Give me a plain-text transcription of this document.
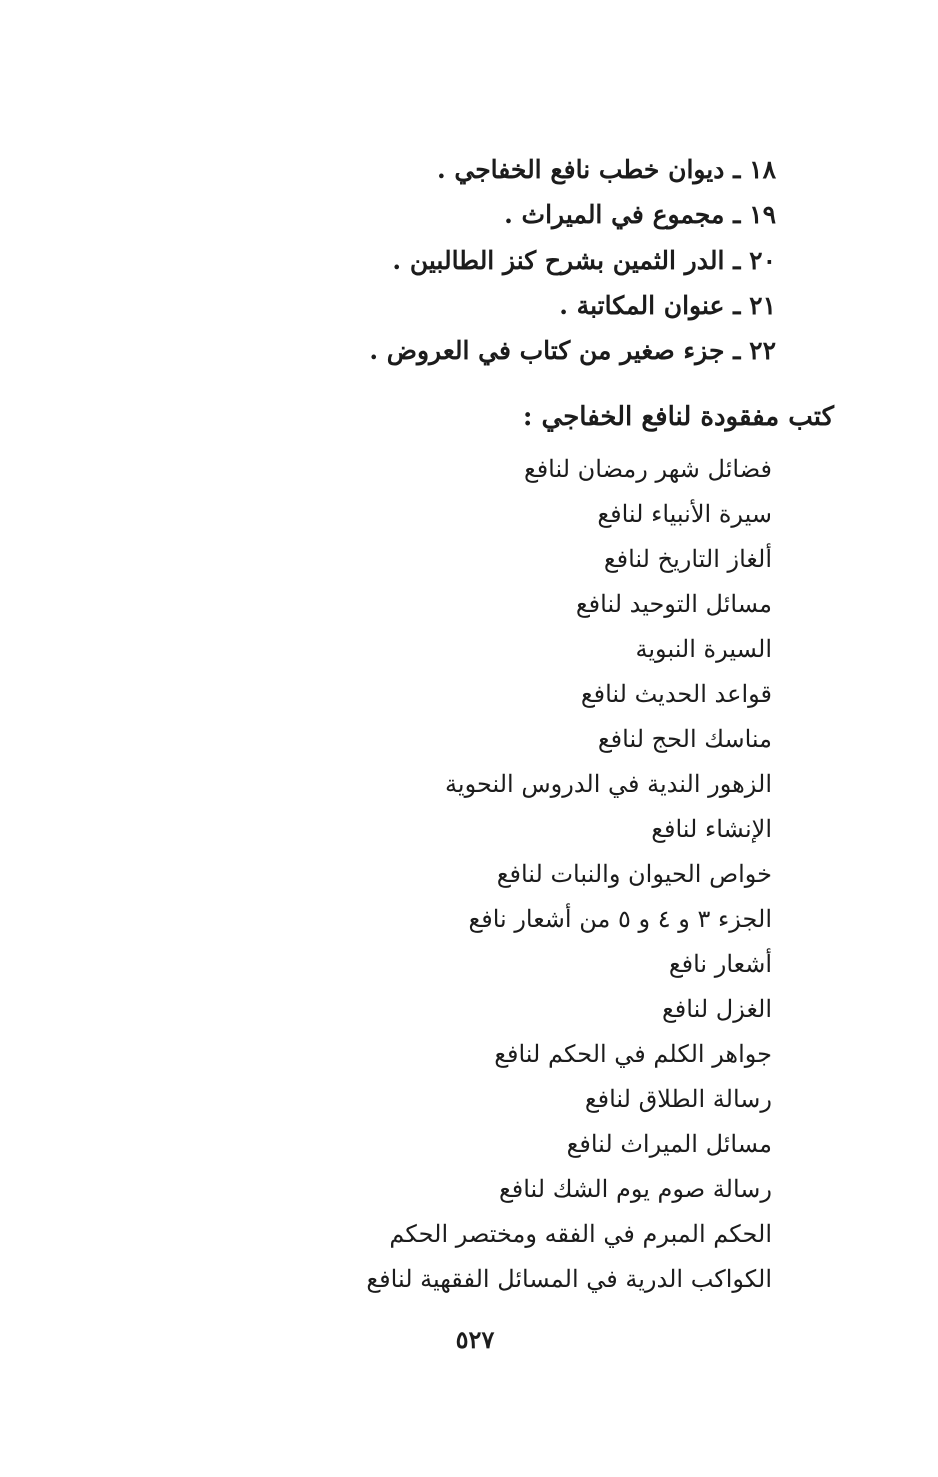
١٨ ـ ديوان خطب نافع الخفاجي .
١٩ ـ مجموع في الميراث .
٢٠ ـ الدر الثمين بشرح كنز الطالبين .
٢١ ـ عنوان المكاتبة .
٢٢ ـ جزء صغير من كتاب في العروض .
كتب مفقودة لنافع الخفاجي :
فضائل شهر رمضان لنافع
سيرة الأنبياء لنافع
ألغاز التاريخ لنافع
مسائل التوحيد لنافع
السيرة النبوية
قواعد الحديث لنافع
مناسك الحج لنافع
الزهور الندية في الدروس النحوية
الإنشاء لنافع
خواص الحيوان والنبات لنافع
الجزء ٣ و ٤ و ٥ من أشعار نافع
أشعار نافع
الغزل لنافع
جواهر الكلم في الحكم لنافع
رسالة الطلاق لنافع
مسائل الميراث لنافع
رسالة صوم يوم الشك لنافع
الحكم المبرم في الفقه ومختصر الحكم
الكواكب الدرية في المسائل الفقهية لنافع
٥٢٧
